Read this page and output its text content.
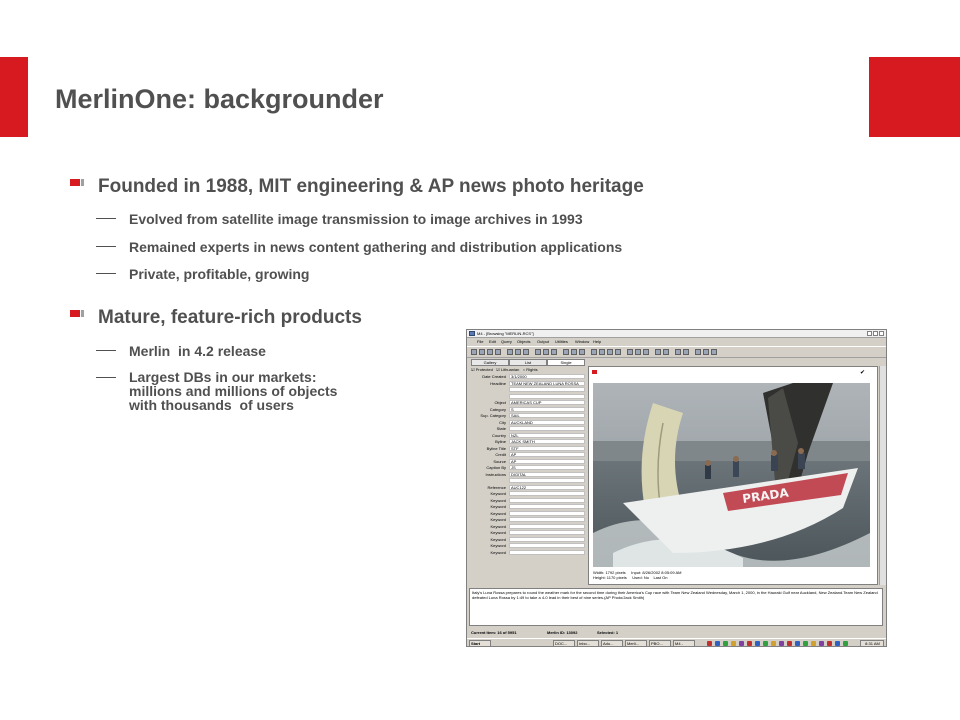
MerlinOne: backgrounder
Founded in 1988, MIT engineering & AP news photo heritage
Evolved from satellite image transmission to image archives in 1993
Remained experts in news content gathering and distribution applications
Private, profitable, growing
Mature, feature-rich products
Merlin  in 4.2 release
Largest DBs in our markets:
millions and millions of objects
with thousands  of users
M4 - [Browsing "MERLIN-RCS"]
File Edit Query Objects Output Utilities Window Help
Gallery	List	Single
☑ Protected ☑ Lithuanian ○ Rights
Date Created	3/1/2000
Headline	TEAM NEW ZEALAND LUNA ROSSA
Object	AMERICAS CUP
Category	S
Sup. Category	SAIL
City	AUCKLAND
State
Country	NZL
Byline	JACK SMITH
Byline Title	STF
Credit	AP
Source	AP
Caption By	JS
Instructions	DIGITAL
Reference	AUC122
Keyword
Keyword
Keyword
Keyword
Keyword
Keyword
Keyword
Keyword
Keyword
Keyword
✔
PRADA
Width: 1792 pixels Input: 8/26/2002 8:05:09 AM
Height: 1170 pixels Used: No Last On
Italy's Luna Rossa prepares to round the weather mark for the second time during their America's Cup race with Team New Zealand Wednesday, March 1, 2000, in the Hauraki Gulf near Auckland, New Zealand.Team New Zealand defeated Luna Rossa by 1:49 to take a 4-0 lead in their best of nine series.(AP Photo/Jack Smith)
Current Item: 16 of 5951	Merlin ID: 13092	Selected: 1
Start	DOC...	Inbo...	Ado...	Merli...	PBO...	M4 -	8:31 AM
